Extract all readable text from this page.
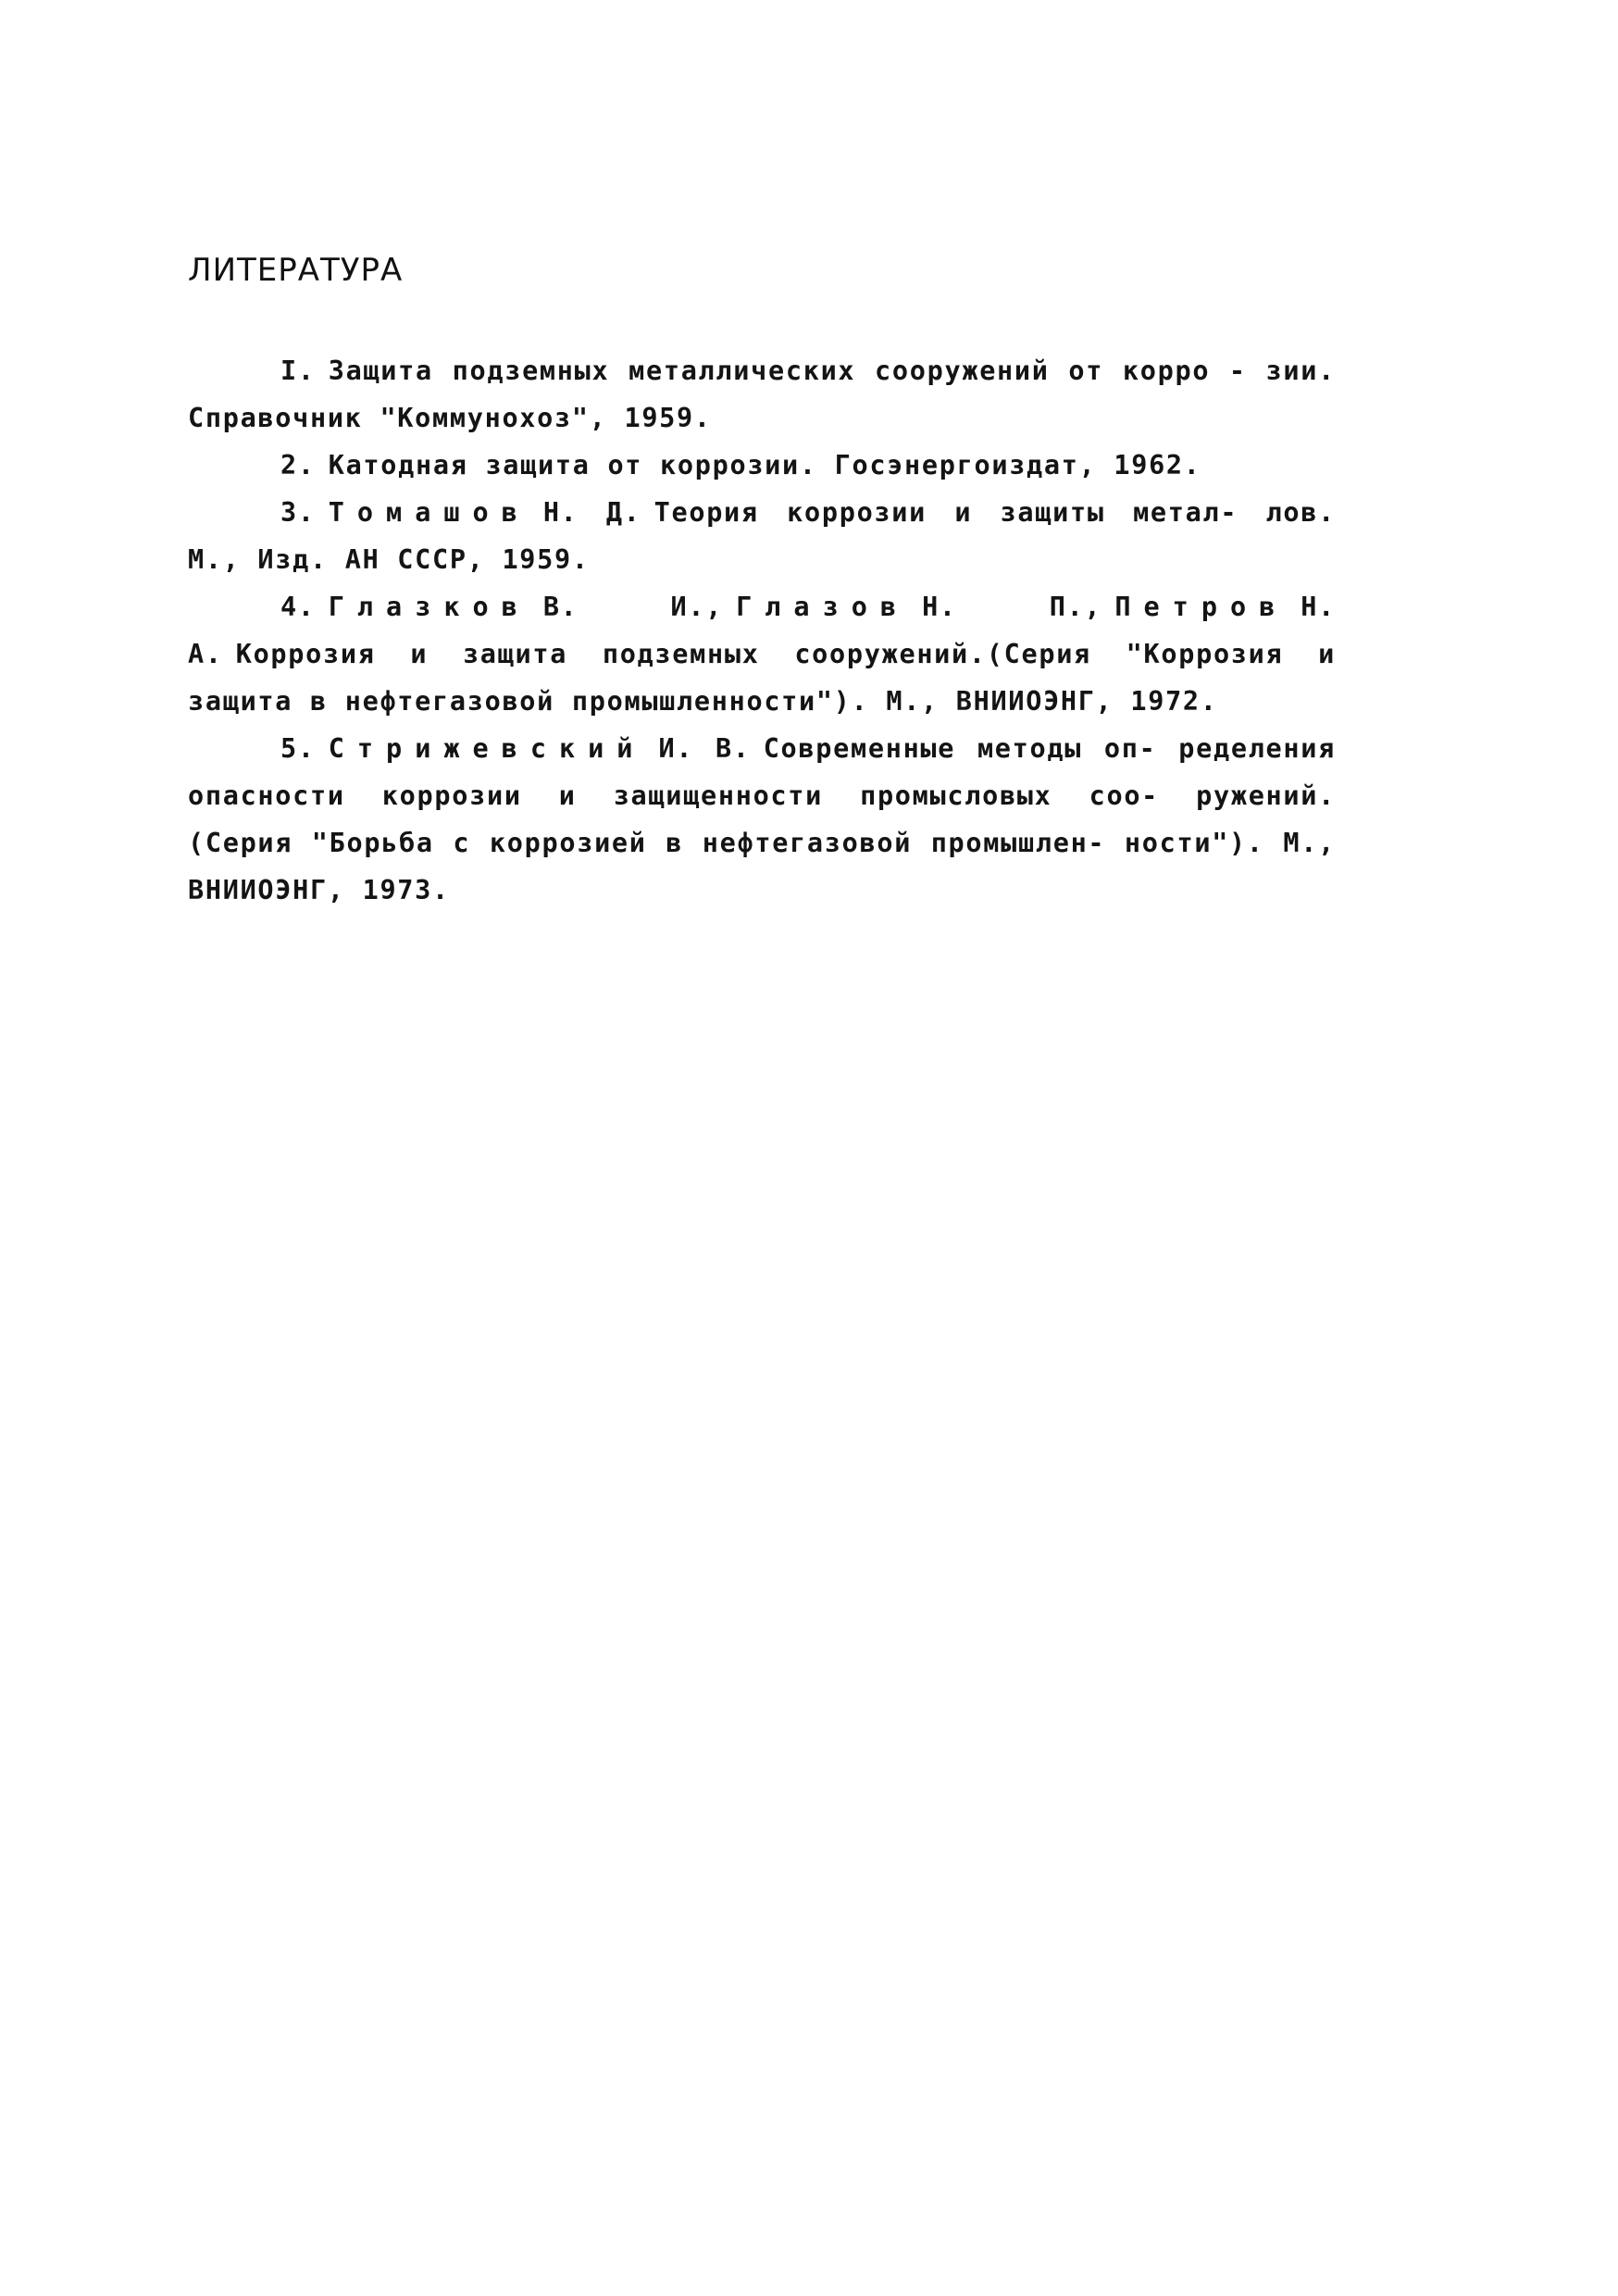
ЛИТЕРАТУРА
I. Защита подземных металлических сооружений от корро - зии. Справочник "Коммунохоз", 1959.
2. Катодная защита от коррозии. Госэнергоиздат, 1962.
3. Томашов Н. Д. Теория коррозии и защиты метал- лов. М., Изд. АН СССР, 1959.
4. Глазков В. И., Глазов Н. П., Петров Н. А. Коррозия и защита подземных сооружений.(Серия "Коррозия и защита в нефтегазовой промышленности"). М., ВНИИОЭНГ, 1972.
5. Стрижевский И. В. Современные методы оп- ределения опасности коррозии и защищенности промысловых соо- ружений. (Серия "Борьба с коррозией в нефтегазовой промышлен- ности"). М., ВНИИОЭНГ, 1973.
